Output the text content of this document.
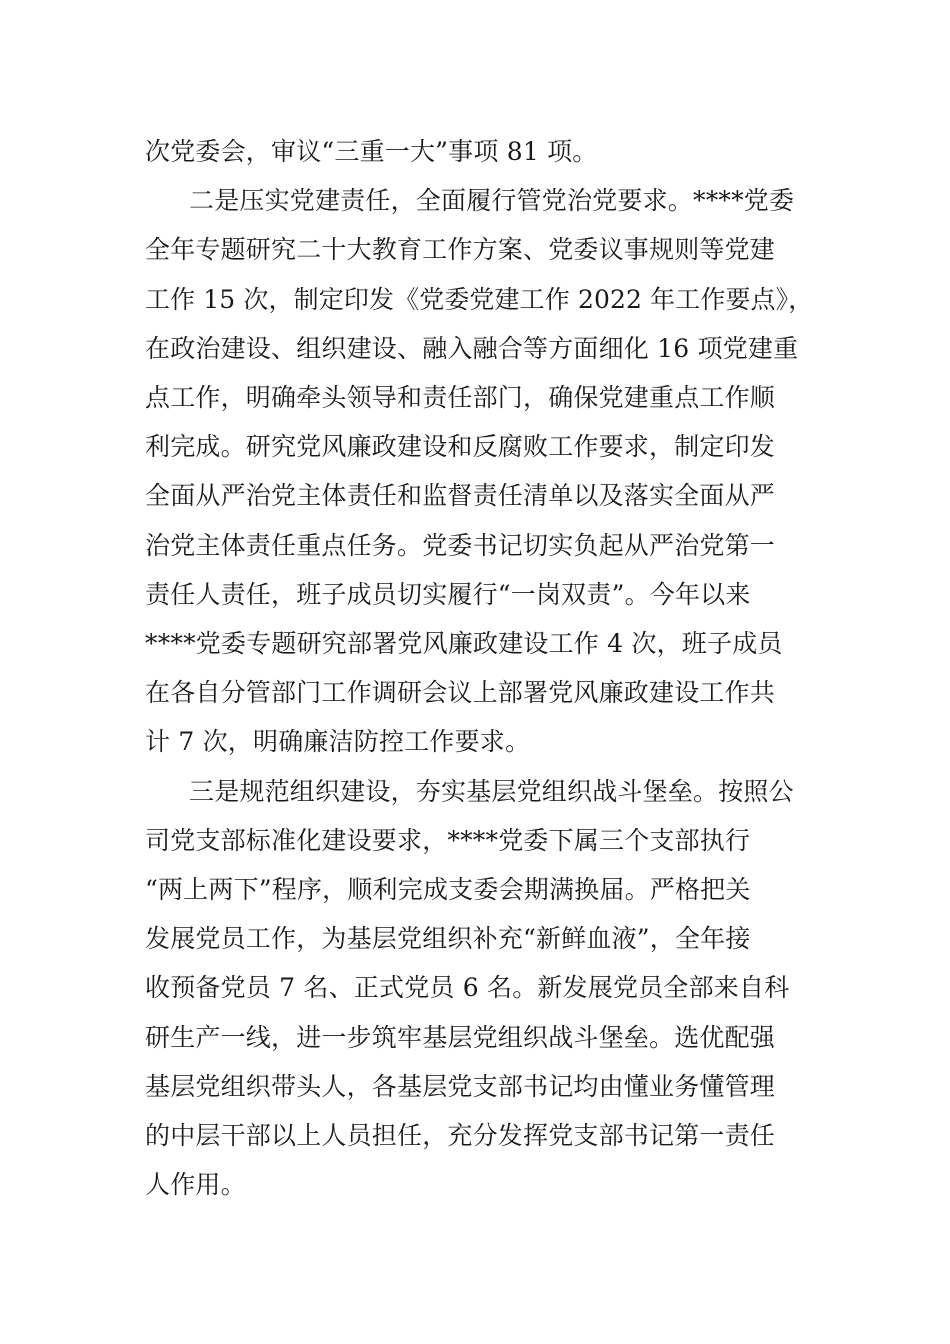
次党委会，审议“三重一大”事项 81 项。
二是压实党建责任，全面履行管党治党要求。****党委
全年专题研究二十大教育工作方案、党委议事规则等党建
工作 15 次，制定印发《党委党建工作 2022 年工作要点》，
在政治建设、组织建设、融入融合等方面细化 16 项党建重
点工作，明确牵头领导和责任部门，确保党建重点工作顺
利完成。研究党风廉政建设和反腐败工作要求，制定印发
全面从严治党主体责任和监督责任清单以及落实全面从严
治党主体责任重点任务。党委书记切实负起从严治党第一
责任人责任，班子成员切实履行“一岗双责”。今年以来
****党委专题研究部署党风廉政建设工作 4 次，班子成员
在各自分管部门工作调研会议上部署党风廉政建设工作共
计 7 次，明确廉洁防控工作要求。
三是规范组织建设，夯实基层党组织战斗堡垒。按照公
司党支部标准化建设要求，****党委下属三个支部执行
“两上两下”程序，顺利完成支委会期满换届。严格把关
发展党员工作，为基层党组织补充“新鲜血液”，全年接
收预备党员 7 名、正式党员 6 名。新发展党员全部来自科
研生产一线，进一步筑牢基层党组织战斗堡垒。选优配强
基层党组织带头人，各基层党支部书记均由懂业务懂管理
的中层干部以上人员担任，充分发挥党支部书记第一责任
人作用。
